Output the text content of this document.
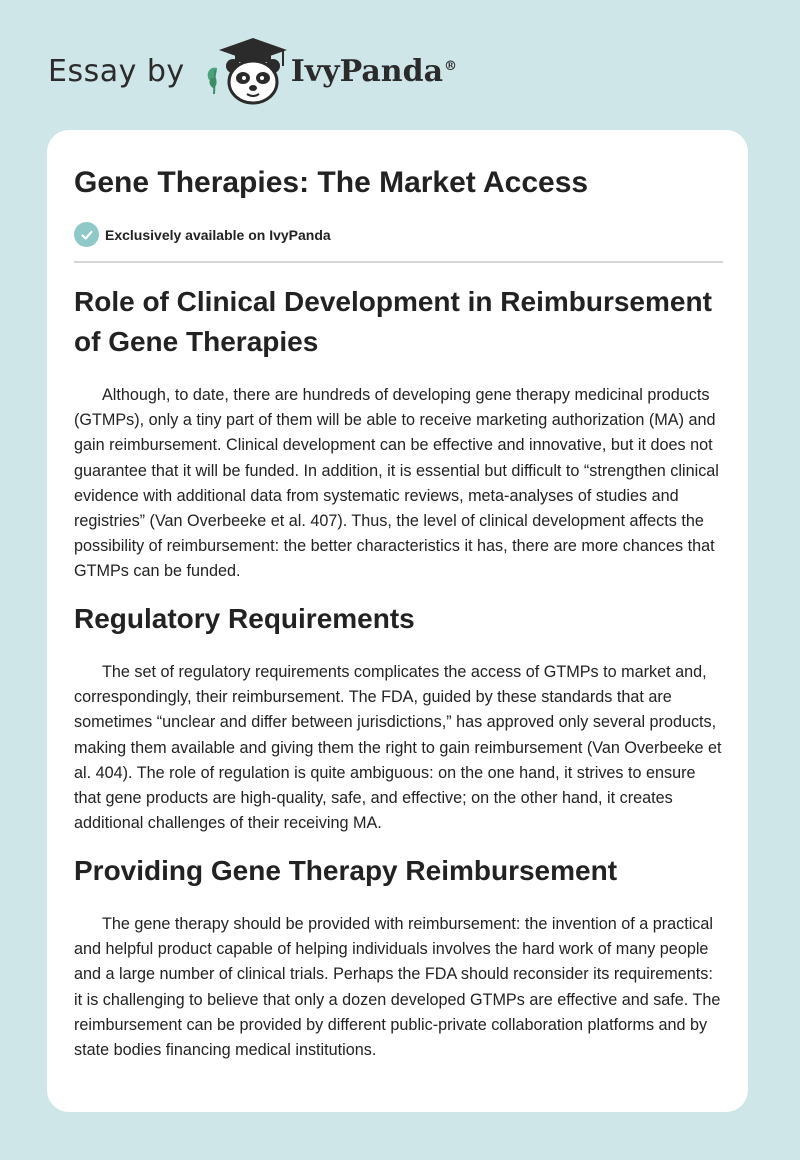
Essay by	IvyPanda®
Gene Therapies: The Market Access
Exclusively available on IvyPanda
Role of Clinical Development in Reimbursement of Gene Therapies

Although, to date, there are hundreds of developing gene therapy medicinal products (GTMPs), only a tiny part of them will be able to receive marketing authorization (MA) and gain reimbursement. Clinical development can be effective and innovative, but it does not guarantee that it will be funded. In addition, it is essential but difficult to “strengthen clinical evidence with additional data from systematic reviews, meta-analyses of studies and registries” (Van Overbeeke et al. 407). Thus, the level of clinical development affects the possibility of reimbursement: the better characteristics it has, there are more chances that GTMPs can be funded.

Regulatory Requirements

The set of regulatory requirements complicates the access of GTMPs to market and, correspondingly, their reimbursement. The FDA, guided by these standards that are sometimes “unclear and differ between jurisdictions,” has approved only several products, making them available and giving them the right to gain reimbursement (Van Overbeeke et al. 404). The role of regulation is quite ambiguous: on the one hand, it strives to ensure that gene products are high-quality, safe, and effective; on the other hand, it creates additional challenges of their receiving MA.

Providing Gene Therapy Reimbursement

The gene therapy should be provided with reimbursement: the invention of a practical and helpful product capable of helping individuals involves the hard work of many people and a large number of clinical trials. Perhaps the FDA should reconsider its requirements: it is challenging to believe that only a dozen developed GTMPs are effective and safe. The reimbursement can be provided by different public-private collaboration platforms and by state bodies financing medical institutions.
